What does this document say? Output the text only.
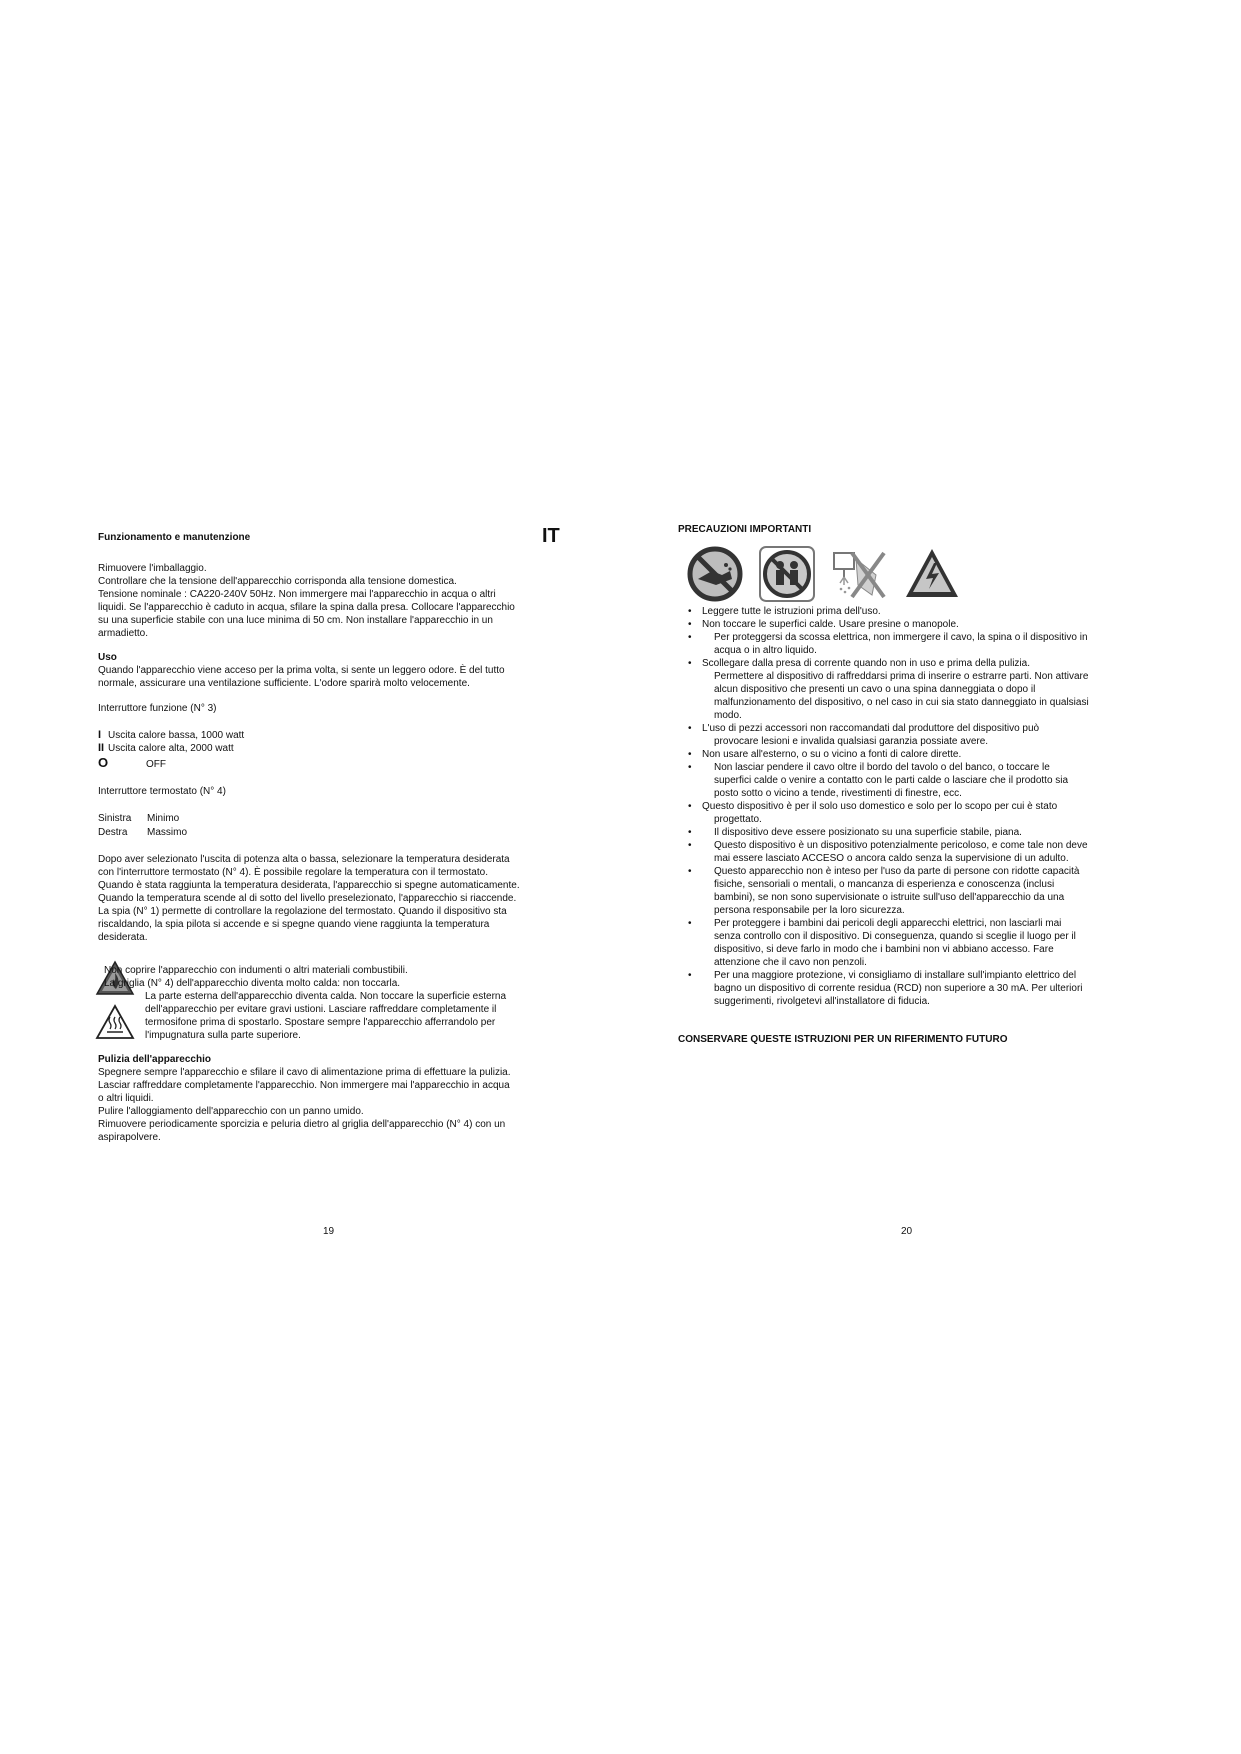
Funzionamento e manutenzione	IT

Rimuovere l'imballaggio.

Controllare che la tensione dell'apparecchio corrisponda alla tensione domestica.

Tensione nominale : CA220-240V 50Hz. Non immergere mai l'apparecchio in acqua o altri

liquidi. Se l'apparecchio è caduto in acqua, sfilare la spina dalla presa. Collocare l'apparecchio

su una superficie stabile con una luce minima di 50 cm. Non installare l'apparecchio in un

armadietto.

Uso

Quando l'apparecchio viene acceso per la prima volta, si sente un leggero odore. È del tutto

normale, assicurare una ventilazione sufficiente. L'odore sparirà molto velocemente.

Interruttore funzione (N° 3)
I Uscita calore bassa, 1000 watt
II Uscita calore alta, 2000 watt
O	OFF
Interruttore termostato (N° 4)
Sinistra Minimo
Destra Massimo

Dopo aver selezionato l'uscita di potenza alta o bassa, selezionare la temperatura desiderata

con l'interruttore termostato (N° 4). È possibile regolare la temperatura con il termostato.

Quando è stata raggiunta la temperatura desiderata, l'apparecchio si spegne automaticamente.

Quando la temperatura scende al di sotto del livello preselezionato, l'apparecchio si riaccende.

La spia (N° 1) permette di controllare la regolazione del termostato. Quando il dispositivo sta

riscaldando, la spia pilota si accende e si spegne quando viene raggiunta la temperatura

desiderata.

Non coprire l'apparecchio con indumenti o altri materiali combustibili.

La griglia (N° 4) dell'apparecchio diventa molto calda: non toccarla.

La parte esterna dell'apparecchio diventa calda. Non toccare la superficie esterna

dell'apparecchio per evitare gravi ustioni. Lasciare raffreddare completamente il

termosifone prima di spostarlo. Spostare sempre l'apparecchio afferrandolo per

l'impugnatura sulla parte superiore.

Pulizia dell'apparecchio

Spegnere sempre l'apparecchio e sfilare il cavo di alimentazione prima di effettuare la pulizia.

Lasciar raffreddare completamente l'apparecchio. Non immergere mai l'apparecchio in acqua

o altri liquidi.

Pulire l'alloggiamento dell'apparecchio con un panno umido.

Rimuovere periodicamente sporcizia e peluria dietro al griglia dell'apparecchio (N° 4) con un

aspirapolvere.

19
PRECAUZIONI IMPORTANTI
• Leggere tutte le istruzioni prima dell'uso.
• Non toccare le superfici calde. Usare presine o manopole.
• Per proteggersi da scossa elettrica, non immergere il cavo, la spina o il dispositivo in
acqua o in altro liquido.
• Scollegare dalla presa di corrente quando non in uso e prima della pulizia.
Permettere al dispositivo di raffreddarsi prima di inserire o estrarre parti. Non attivare
alcun dispositivo che presenti un cavo o una spina danneggiata o dopo il
malfunzionamento del dispositivo, o nel caso in cui sia stato danneggiato in qualsiasi
modo.
• L'uso di pezzi accessori non raccomandati dal produttore del dispositivo può
provocare lesioni e invalida qualsiasi garanzia possiate avere.
• Non usare all'esterno, o su o vicino a fonti di calore dirette.
• Non lasciar pendere il cavo oltre il bordo del tavolo o del banco, o toccare le
superfici calde o venire a contatto con le parti calde o lasciare che il prodotto sia
posto sotto o vicino a tende, rivestimenti di finestre, ecc.
• Questo dispositivo è per il solo uso domestico e solo per lo scopo per cui è stato
progettato.
• Il dispositivo deve essere posizionato su una superficie stabile, piana.
• Questo dispositivo è un dispositivo potenzialmente pericoloso, e come tale non deve
mai essere lasciato ACCESO o ancora caldo senza la supervisione di un adulto.
• Questo apparecchio non è inteso per l'uso da parte di persone con ridotte capacità
fisiche, sensoriali o mentali, o mancanza di esperienza e conoscenza (inclusi
bambini), se non sono supervisionate o istruite sull'uso dell'apparecchio da una
persona responsabile per la loro sicurezza.
• Per proteggere i bambini dai pericoli degli apparecchi elettrici, non lasciarli mai
senza controllo con il dispositivo. Di conseguenza, quando si sceglie il luogo per il
dispositivo, si deve farlo in modo che i bambini non vi abbiano accesso. Fare
attenzione che il cavo non penzoli.
• Per una maggiore protezione, vi consigliamo di installare sull'impianto elettrico del
bagno un dispositivo di corrente residua (RCD) non superiore a 30 mA. Per ulteriori
suggerimenti, rivolgetevi all'installatore di fiducia.
CONSERVARE QUESTE ISTRUZIONI PER UN RIFERIMENTO FUTURO
20
